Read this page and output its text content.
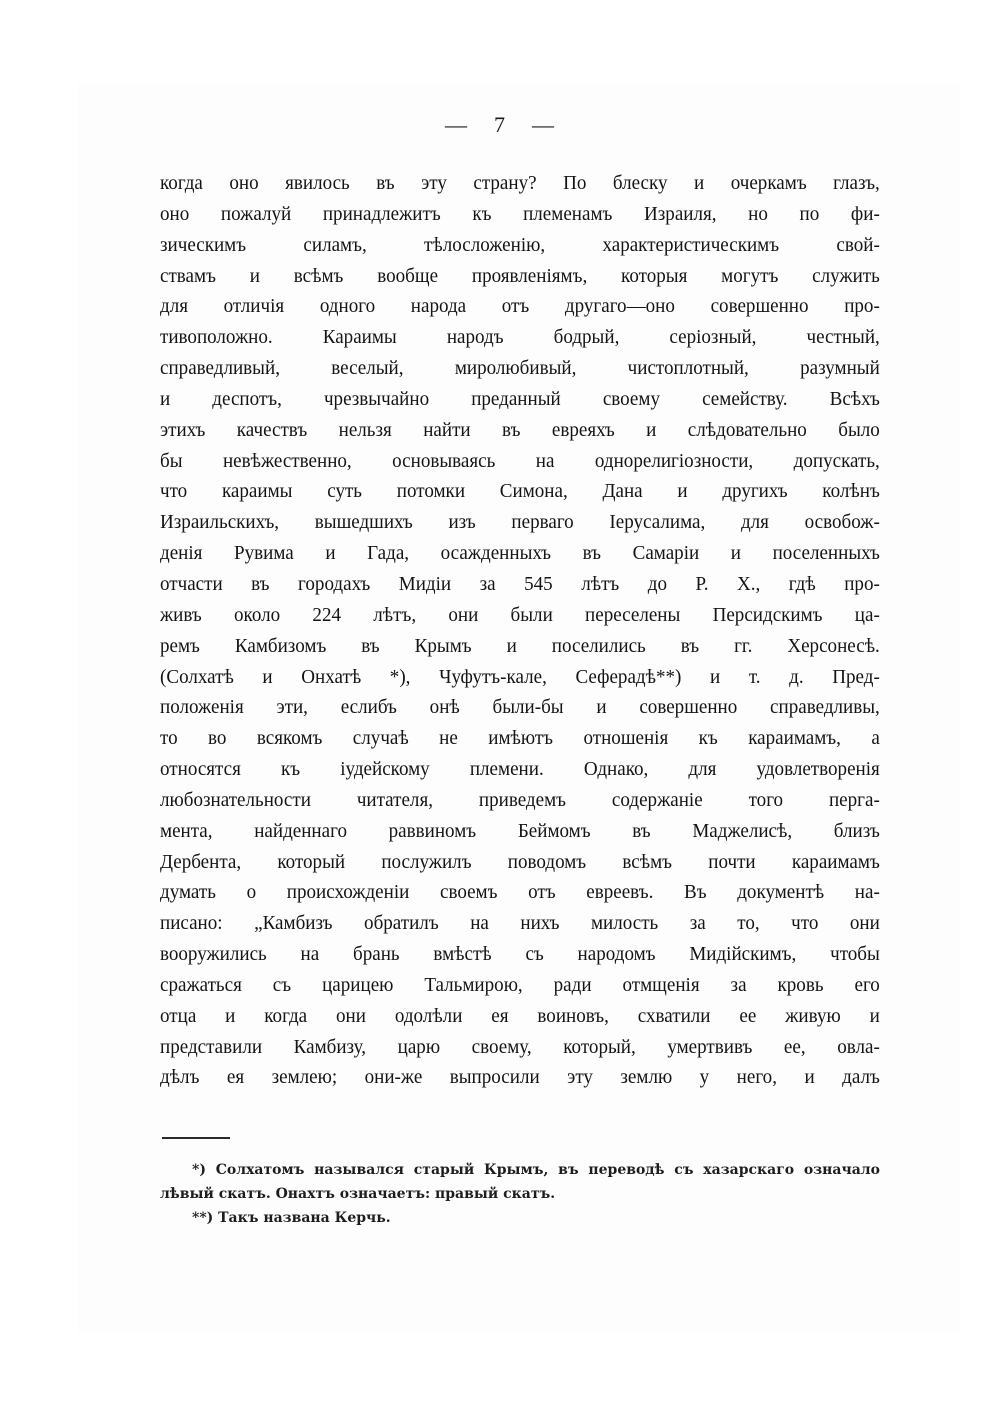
— 7 —
когда оно явилось въ эту страну? По блеску и очеркамъ глазъ,
оно пожалуй принадлежитъ къ племенамъ Израиля, но по фи-
зическимъ силамъ, тѣлосложенію, характеристическимъ свой-
ствамъ и всѣмъ вообще проявленіямъ, которыя могутъ служить
для отличія одного народа отъ другаго—оно совершенно про-
тивоположно. Караимы народъ бодрый, серіозный, честный,
справедливый, веселый, миролюбивый, чистоплотный, разумный
и деспотъ, чрезвычайно преданный своему семейству. Всѣхъ
этихъ качествъ нельзя найти въ евреяхъ и слѣдовательно было
бы невѣжественно, основываясь на однорелигіозности, допускать,
что караимы суть потомки Симона, Дана и другихъ колѣнъ
Израильскихъ, вышедшихъ изъ перваго Іерусалима, для освобож-
денія Рувима и Гада, осажденныхъ въ Самаріи и поселенныхъ
отчасти въ городахъ Мидіи за 545 лѣтъ до Р. Х., гдѣ про-
живъ около 224 лѣтъ, они были переселены Персидскимъ ца-
ремъ Камбизомъ въ Крымъ и поселились въ гг. Херсонесѣ.
(Солхатѣ и Онхатѣ *), Чуфутъ-кале, Сеферадѣ**) и т. д. Пред-
положенія эти, еслибъ онѣ были-бы и совершенно справедливы,
то во всякомъ случаѣ не имѣютъ отношенія къ караимамъ, а
относятся къ іудейскому племени. Однако, для удовлетворенія
любознательности читателя, приведемъ содержаніе того перга-
мента, найденнаго раввиномъ Беймомъ въ Маджелисѣ, близъ
Дербента, который послужилъ поводомъ всѣмъ почти караимамъ
думать о происхожденіи своемъ отъ евреевъ. Въ документѣ на-
писано: „Камбизъ обратилъ на нихъ милость за то, что они
вооружились на брань вмѣстѣ съ народомъ Мидійскимъ, чтобы
сражаться съ царицею Тальмирою, ради отмщенія за кровь его
отца и когда они одолѣли ея воиновъ, схватили ее живую и
представили Камбизу, царю своему, который, умертвивъ ее, овла-
дѣлъ ея землею; они-же выпросили эту землю у него, и далъ
*) Солхатомъ назывался старый Крымъ, въ переводѣ съ хазарскаго означало
лѣвый скатъ. Онахтъ означаетъ: правый скатъ.
**) Такъ названа Керчь.
